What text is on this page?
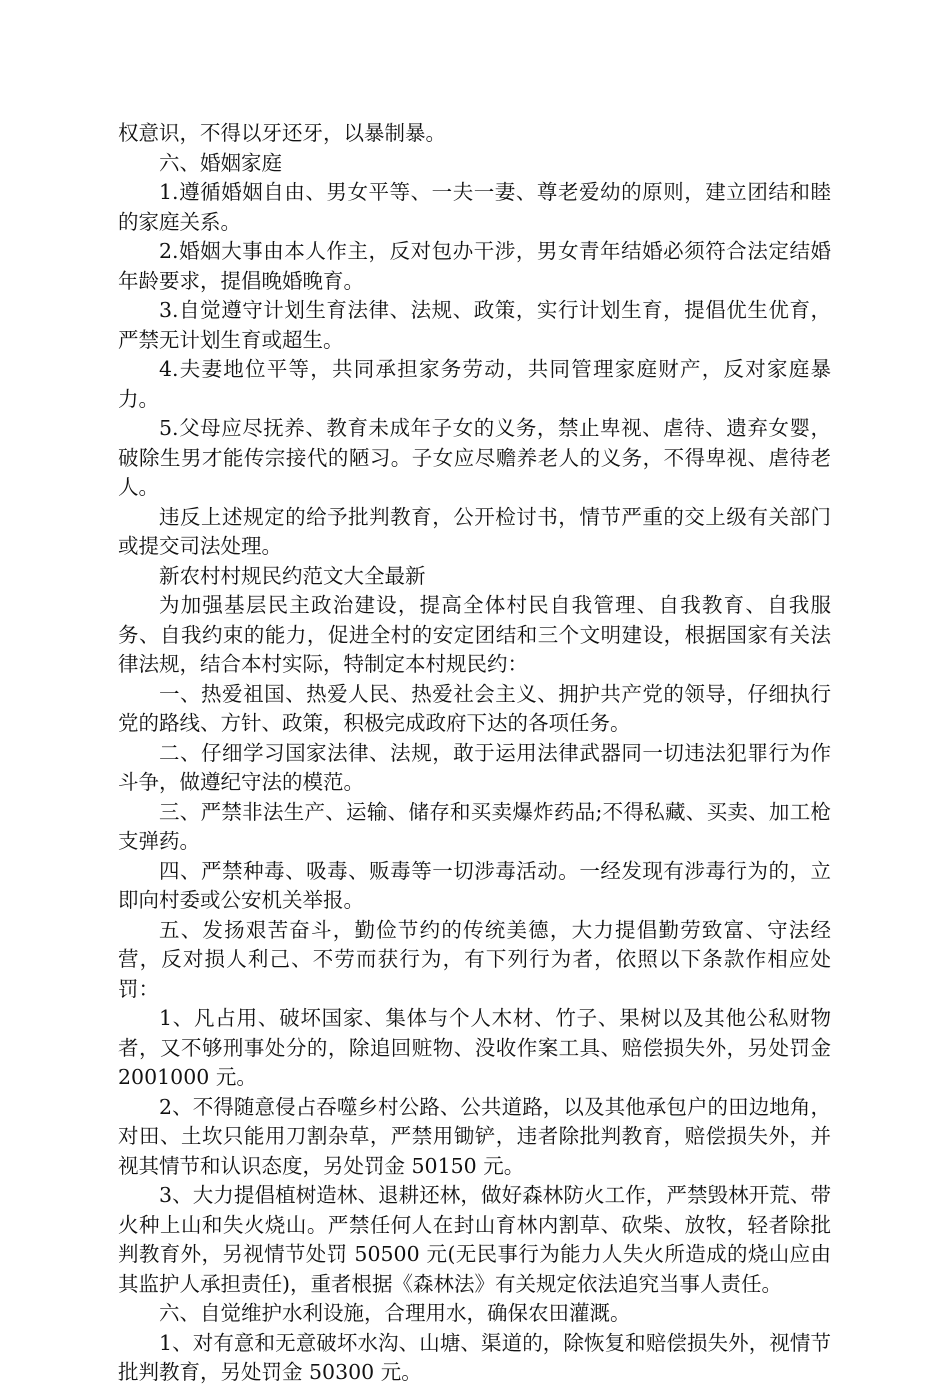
权意识，不得以牙还牙，以暴制暴。

六、婚姻家庭

1.遵循婚姻自由、男女平等、一夫一妻、尊老爱幼的原则，建立团结和睦的家庭关系。

2.婚姻大事由本人作主，反对包办干涉，男女青年结婚必须符合法定结婚年龄要求，提倡晚婚晚育。

3.自觉遵守计划生育法律、法规、政策，实行计划生育，提倡优生优育，严禁无计划生育或超生。

4.夫妻地位平等，共同承担家务劳动，共同管理家庭财产，反对家庭暴力。

5.父母应尽抚养、教育未成年子女的义务，禁止卑视、虐待、遗弃女婴，破除生男才能传宗接代的陋习。子女应尽赡养老人的义务，不得卑视、虐待老人。

违反上述规定的给予批判教育，公开检讨书，情节严重的交上级有关部门或提交司法处理。

新农村村规民约范文大全最新

为加强基层民主政治建设，提高全体村民自我管理、自我教育、自我服务、自我约束的能力，促进全村的安定团结和三个文明建设，根据国家有关法律法规，结合本村实际，特制定本村规民约：

一、热爱祖国、热爱人民、热爱社会主义、拥护共产党的领导，仔细执行党的路线、方针、政策，积极完成政府下达的各项任务。

二、仔细学习国家法律、法规，敢于运用法律武器同一切违法犯罪行为作斗争，做遵纪守法的模范。

三、严禁非法生产、运输、储存和买卖爆炸药品;不得私藏、买卖、加工枪支弹药。

四、严禁种毒、吸毒、贩毒等一切涉毒活动。一经发现有涉毒行为的，立即向村委或公安机关举报。

五、发扬艰苦奋斗，勤俭节约的传统美德，大力提倡勤劳致富、守法经营，反对损人利己、不劳而获行为，有下列行为者，依照以下条款作相应处罚：

1、凡占用、破坏国家、集体与个人木材、竹子、果树以及其他公私财物者，又不够刑事处分的，除追回赃物、没收作案工具、赔偿损失外，另处罚金 2001000 元。

2、不得随意侵占吞噬乡村公路、公共道路，以及其他承包户的田边地角，对田、土坎只能用刀割杂草，严禁用锄铲，违者除批判教育，赔偿损失外，并视其情节和认识态度，另处罚金 50150 元。

3、大力提倡植树造林、退耕还林，做好森林防火工作，严禁毁林开荒、带火种上山和失火烧山。严禁任何人在封山育林内割草、砍柴、放牧，轻者除批判教育外，另视情节处罚 50500 元(无民事行为能力人失火所造成的烧山应由其监护人承担责任)，重者根据《森林法》有关规定依法追究当事人责任。

六、自觉维护水利设施，合理用水，确保农田灌溉。

1、对有意和无意破坏水沟、山塘、渠道的，除恢复和赔偿损失外，视情节批判教育，另处罚金 50300 元。
